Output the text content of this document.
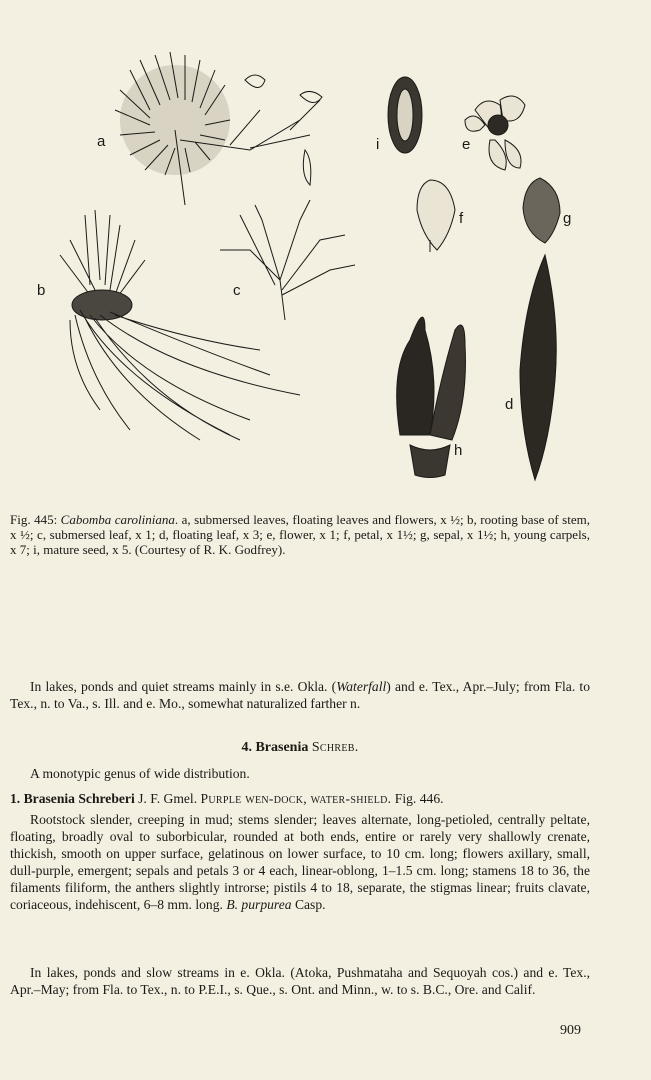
a
b	c
d
e
f	g
h
i
Fig. 445: Cabomba caroliniana. a, submersed leaves, floating leaves and flowers, x ½; b, rooting base of stem, x ½; c, submersed leaf, x 1; d, floating leaf, x 3; e, flower, x 1; f, petal, x 1½; g, sepal, x 1½; h, young carpels, x 7; i, mature seed, x 5. (Courtesy of R. K. Godfrey).
In lakes, ponds and quiet streams mainly in s.e. Okla. (Waterfall) and e. Tex., Apr.–July; from Fla. to Tex., n. to Va., s. Ill. and e. Mo., somewhat naturalized farther n.
4. Brasenia Schreb.
A monotypic genus of wide distribution.
1. Brasenia Schreberi J. F. Gmel. Purple wen-dock, water-shield. Fig. 446.
Rootstock slender, creeping in mud; stems slender; leaves alternate, long-petioled, centrally peltate, floating, broadly oval to suborbicular, rounded at both ends, entire or rarely very shallowly crenate, thickish, smooth on upper surface, gelatinous on lower surface, to 10 cm. long; flowers axillary, small, dull-purple, emergent; sepals and petals 3 or 4 each, linear-oblong, 1–1.5 cm. long; stamens 18 to 36, the filaments filiform, the anthers slightly introrse; pistils 4 to 18, separate, the stigmas linear; fruits clavate, coriaceous, indehiscent, 6–8 mm. long. B. purpurea Casp.
In lakes, ponds and slow streams in e. Okla. (Atoka, Pushmataha and Sequoyah cos.) and e. Tex., Apr.–May; from Fla. to Tex., n. to P.E.I., s. Que., s. Ont. and Minn., w. to s. B.C., Ore. and Calif.
909
